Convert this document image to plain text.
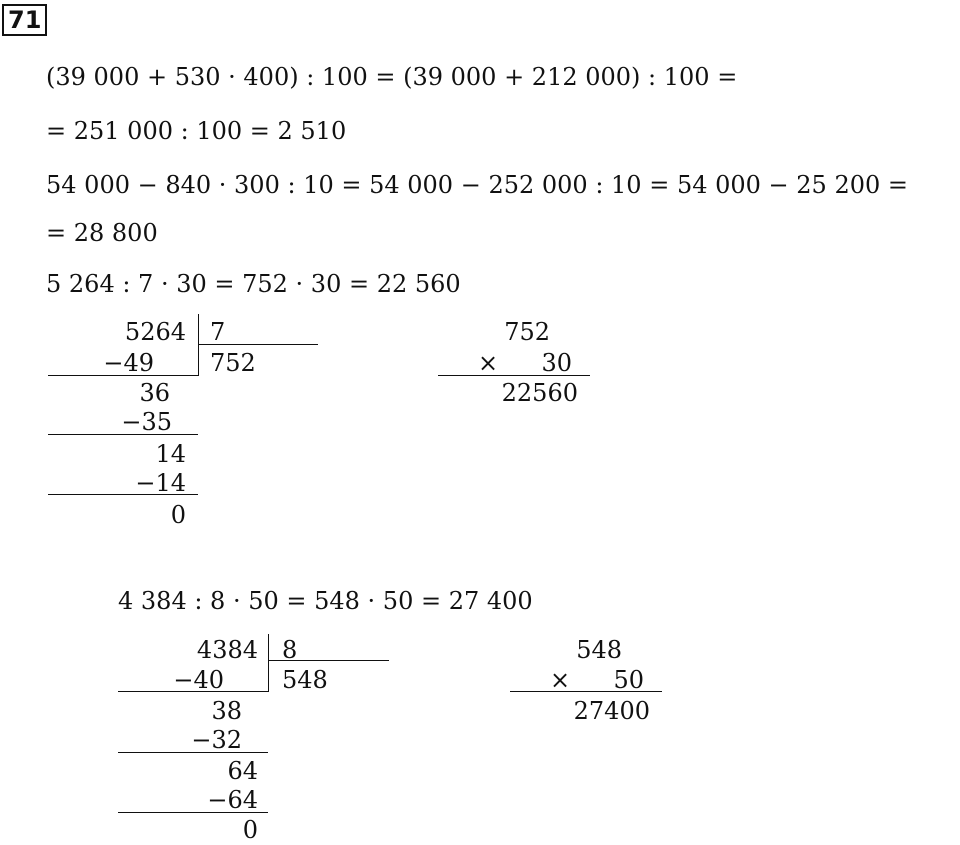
71
(39 000 + 530 · 400) : 100 = (39 000 + 212 000) : 100 =
= 251 000 : 100 = 2 510
54 000 − 840 · 300 : 10 = 54 000 − 252 000 : 10 = 54 000 − 25 200 =
= 28 800
5 264 : 7 · 30 = 752 · 30 = 22 560
5264 7
752
−49
36
−35
14
−14
0
752
×	30
22560
4 384 : 8 · 50 = 548 · 50 = 27 400
4384 8
548
−40
38
−32
64
−64
0
548
×	50
27400
